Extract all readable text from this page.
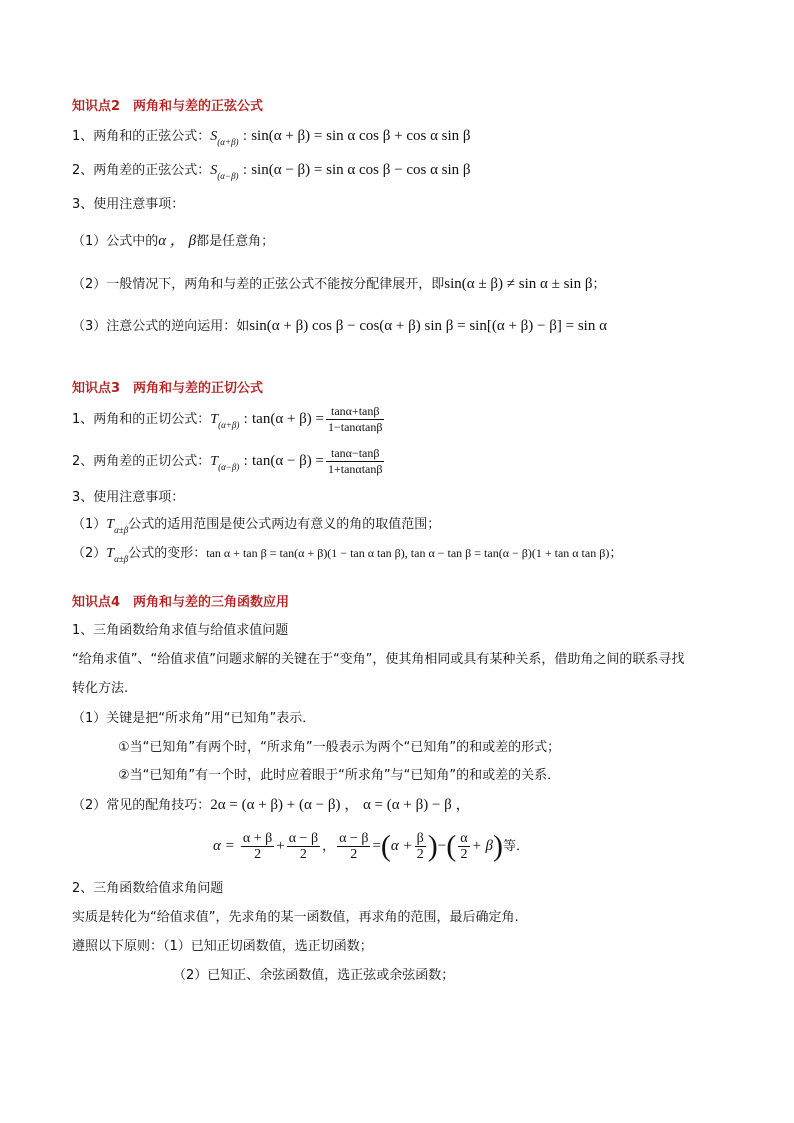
知识点2　两角和与差的正弦公式
1、两角和的正弦公式：$S_{(\alpha+\beta)}$ : sin(α + β) = sin α cos β + cos α sin β
2、两角差的正弦公式：$S_{(\alpha-\beta)}$ : sin(α − β) = sin α cos β − cos α sin β
3、使用注意事项：
（1）公式中的α ， β都是任意角；
（2）一般情况下，两角和与差的正弦公式不能按分配律展开，即sin(α ± β) ≠ sin α ± sin β；
（3）注意公式的逆向运用：如sin(α + β) cos β − cos(α + β) sin β = sin[(α + β) − β] = sin α
知识点3　两角和与差的正切公式
1、两角和的正切公式：$T_{(\alpha+\beta)}$ : $\tan(\alpha + \beta) = \frac{\tan\alpha+\tan\beta}{1-\tan\alpha\tan\beta}$
2、两角差的正切公式：$T_{(\alpha-\beta)}$ : $\tan(\alpha - \beta) = \frac{\tan\alpha-\tan\beta}{1+\tan\alpha\tan\beta}$
3、使用注意事项：
$(1)T_{\alpha\pm\beta}$公式的适用范围是使公式两边有意义的角的取值范围；
$(2)T_{\alpha\pm\beta}$公式的变形：tan α + tan β = tan(α + β)(1 − tan α tan β), tan α − tan β = tan(α − β)(1 + tan α tan β)；
知识点4　两角和与差的三角函数应用
1、三角函数给角求值与给值求值问题
“给角求值”、“给值求值”问题求解的关键在于“变角”，使其角相同或具有某种关系，借助角之间的联系寻找
转化方法.
（1）关键是把“所求角”用“已知角”表示．
①当“已知角”有两个时，“所求角”一般表示为两个“已知角”的和或差的形式；
②当“已知角”有一个时，此时应着眼于“所求角”与“已知角”的和或差的关系．
（2）常见的配角技巧：2α = (α + β) + (α − β) ， α = (α + β) − β ，
$\alpha = \frac{\alpha + \beta}{2} + \frac{\alpha - \beta}{2}$ ， $\frac{\alpha - \beta}{2} =(\alpha + \frac{\beta}{2}$ )−( $\frac{\alpha}{2} + \beta$)等．
2、三角函数给值求角问题
实质是转化为“给值求值”，先求角的某一函数值，再求角的范围，最后确定角.
遵照以下原则：（1）已知正切函数值，选正切函数；
（2）已知正、余弦函数值，选正弦或余弦函数；
